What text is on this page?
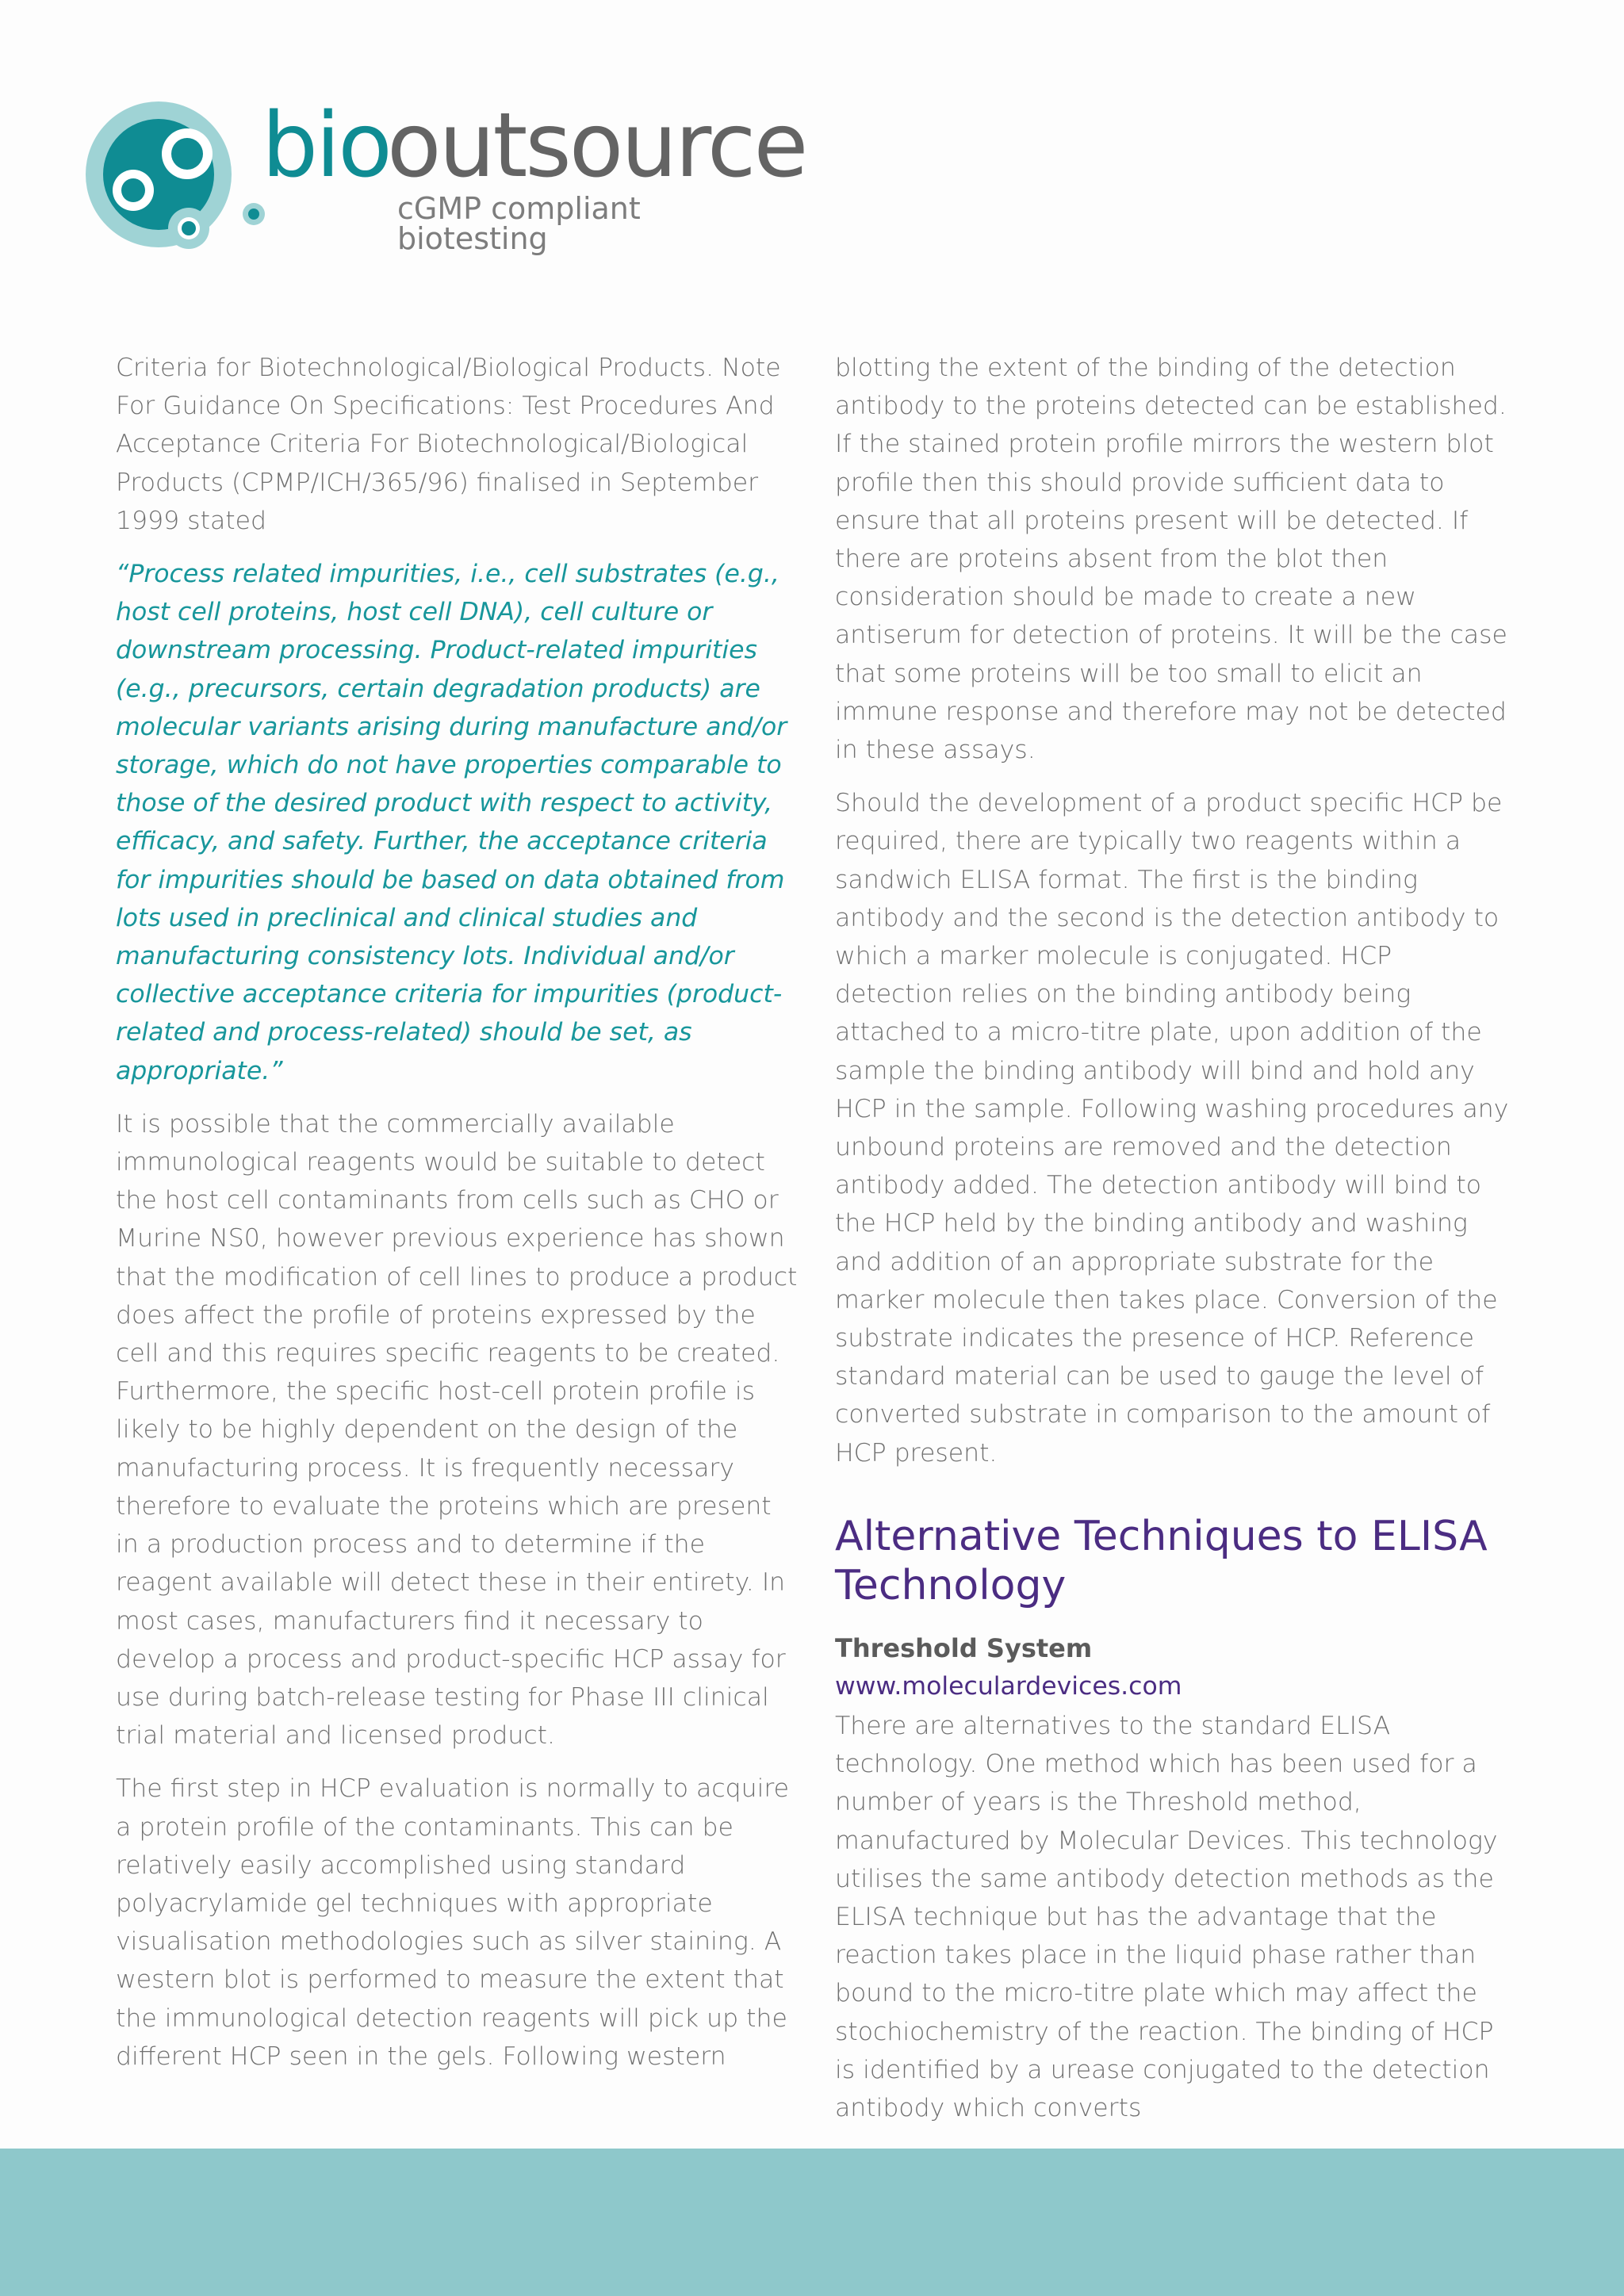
bio
outsource
cGMP compliant biotesting

Criteria for Biotechnological/Biological Products. Note For Guidance On Specifications: Test Procedures And Acceptance Criteria For Biotechnological/Biological Products (CPMP/ICH/365/96) finalised in September 1999 stated

“Process related impurities, i.e., cell substrates (e.g., host cell proteins, host cell DNA), cell culture or downstream processing. Product-related impurities (e.g., precursors, certain degradation products) are molecular variants arising during manufacture and/or storage, which do not have properties comparable to those of the desired product with respect to activity, efficacy, and safety. Further, the acceptance criteria for impurities should be based on data obtained from lots used in preclinical and clinical studies and manufacturing consistency lots. Individual and/or collective acceptance criteria for impurities (product-related and process-related) should be set, as appropriate.”

It is possible that the commercially available immunological reagents would be suitable to detect the host cell contaminants from cells such as CHO or Murine NS0, however previous experience has shown that the modification of cell lines to produce a product does affect the profile of proteins expressed by the cell and this requires specific reagents to be created. Furthermore, the specific host-cell protein profile is likely to be highly dependent on the design of the manufacturing process. It is frequently necessary therefore to evaluate the proteins which are present in a production process and to determine if the reagent available will detect these in their entirety. In most cases, manufacturers find it necessary to develop a process and product-specific HCP assay for use during batch-release testing for Phase III clinical trial material and licensed product.

The first step in HCP evaluation is normally to acquire a protein profile of the contaminants. This can be relatively easily accomplished using standard polyacrylamide gel techniques with appropriate visualisation methodologies such as silver staining. A western blot is performed to measure the extent that the immunological detection reagents will pick up the different HCP seen in the gels. Following western

blotting the extent of the binding of the detection antibody to the proteins detected can be established. If the stained protein profile mirrors the western blot profile then this should provide sufficient data to ensure that all proteins present will be detected. If there are proteins absent from the blot then consideration should be made to create a new antiserum for detection of proteins. It will be the case that some proteins will be too small to elicit an immune response and therefore may not be detected in these assays.

Should the development of a product specific HCP be required, there are typically two reagents within a sandwich ELISA format. The first is the binding antibody and the second is the detection antibody to which a marker molecule is conjugated. HCP detection relies on the binding antibody being attached to a micro-titre plate, upon addition of the sample the binding antibody will bind and hold any HCP in the sample. Following washing procedures any unbound proteins are removed and the detection antibody added. The detection antibody will bind to the HCP held by the binding antibody and washing and addition of an appropriate substrate for the marker molecule then takes place. Conversion of the substrate indicates the presence of HCP. Reference standard material can be used to gauge the level of converted substrate in comparison to the amount of HCP present.

Alternative Techniques to ELISA Technology
Threshold System
www.moleculardevices.com

There are alternatives to the standard ELISA technology. One method which has been used for a number of years is the Threshold method, manufactured by Molecular Devices. This technology utilises the same antibody detection methods as the ELISA technique but has the advantage that the reaction takes place in the liquid phase rather than bound to the micro-titre plate which may affect the stochiochemistry of the reaction. The binding of HCP is identified by a urease conjugated to the detection antibody which converts
